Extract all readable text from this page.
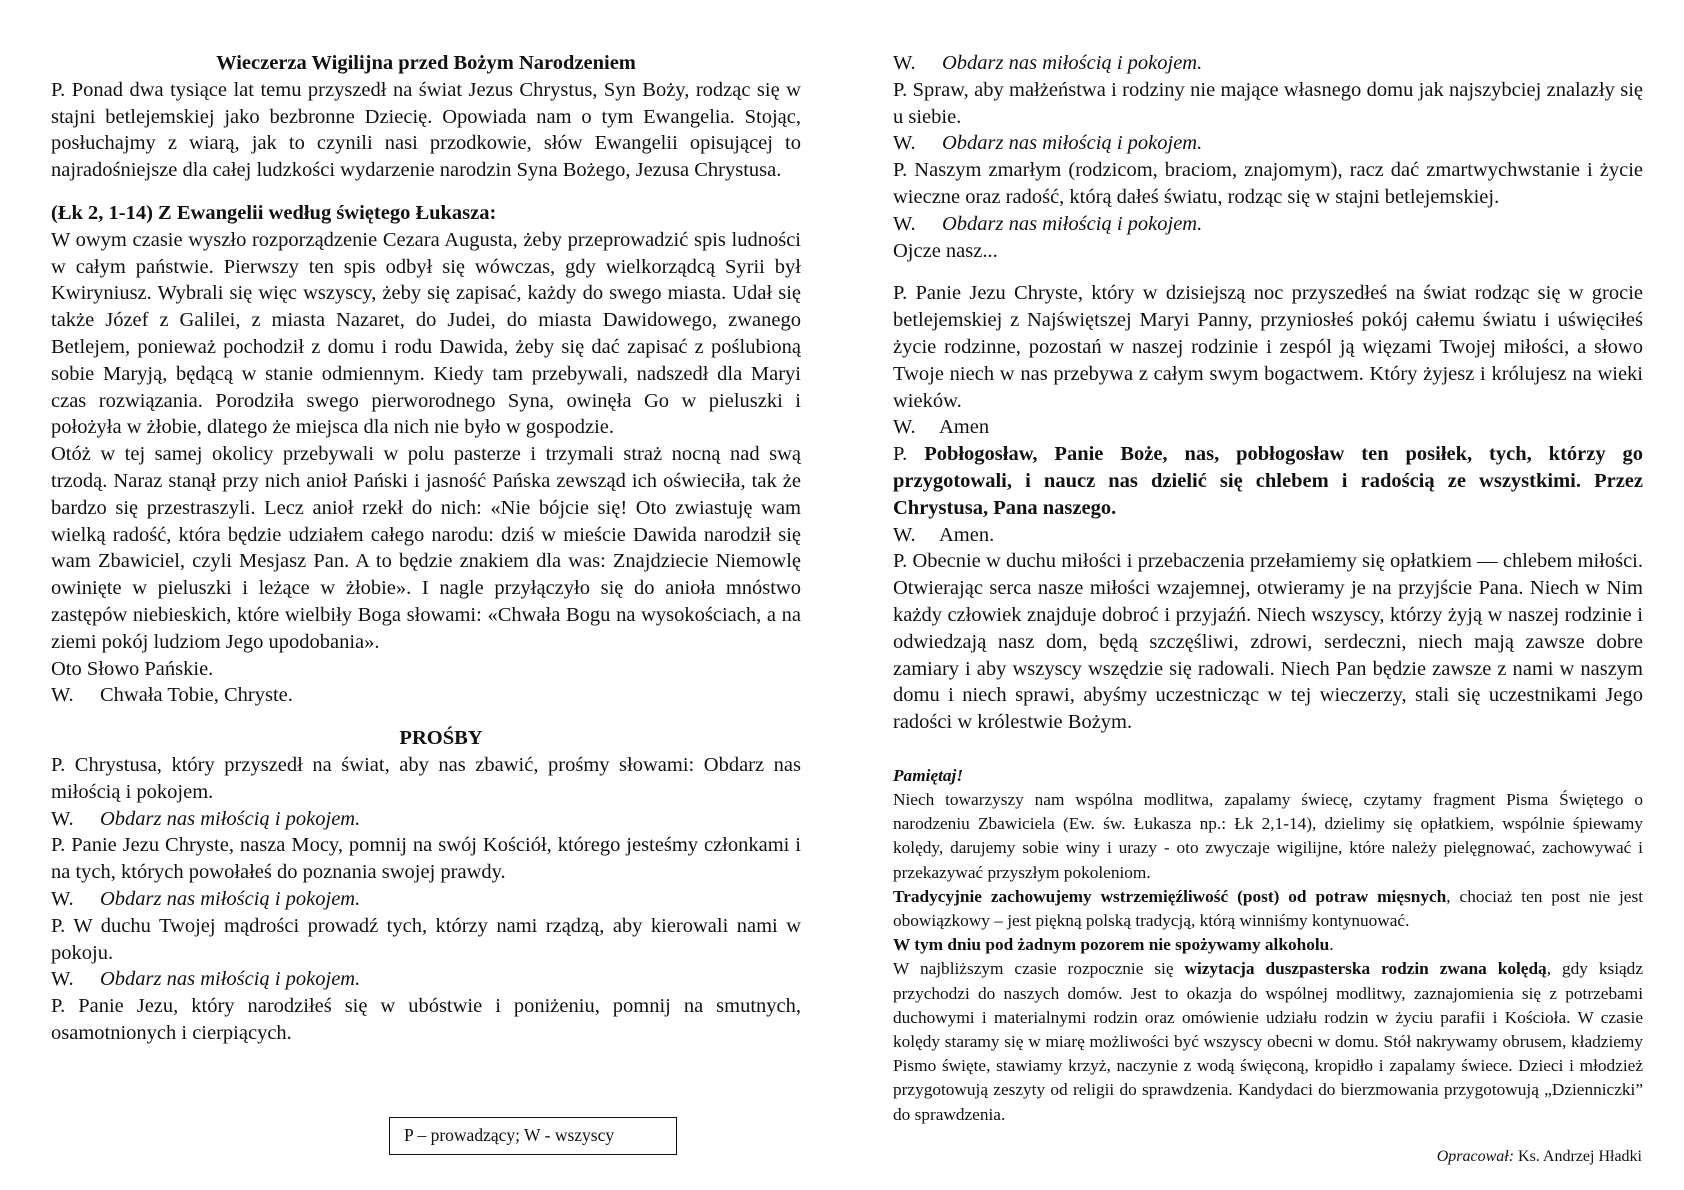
Wieczerza Wigilijna przed Bożym Narodzeniem

P. Ponad dwa tysiące lat temu przyszedł na świat Jezus Chrystus, Syn Boży, rodząc się w stajni betlejemskiej jako bezbronne Dziecię. Opowiada nam o tym Ewangelia. Stojąc, posłuchajmy z wiarą, jak to czynili nasi przodkowie, słów Ewangelii opisującej to najradośniejsze dla całej ludzkości wydarzenie narodzin Syna Bożego, Jezusa Chrystusa.

(Łk 2, 1-14) Z Ewangelii według świętego Łukasza:

W owym czasie wyszło rozporządzenie Cezara Augusta, żeby przeprowadzić spis ludności w całym państwie. Pierwszy ten spis odbył się wówczas, gdy wielkorządcą Syrii był Kwiryniusz. Wybrali się więc wszyscy, żeby się zapisać, każdy do swego miasta. Udał się także Józef z Galilei, z miasta Nazaret, do Judei, do miasta Dawidowego, zwanego Betlejem, ponieważ pochodził z domu i rodu Dawida, żeby się dać zapisać z poślubioną sobie Maryją, będącą w stanie odmiennym. Kiedy tam przebywali, nadszedł dla Maryi czas rozwiązania. Porodziła swego pierworodnego Syna, owinęła Go w pieluszki i położyła w żłobie, dlatego że miejsca dla nich nie było w gospodzie.

Otóż w tej samej okolicy przebywali w polu pasterze i trzymali straż nocną nad swą trzodą. Naraz stanął przy nich anioł Pański i jasność Pańska zewsząd ich oświeciła, tak że bardzo się przestraszyli. Lecz anioł rzekł do nich: «Nie bójcie się! Oto zwiastuję wam wielką radość, która będzie udziałem całego narodu: dziś w mieście Dawida narodził się wam Zbawiciel, czyli Mesjasz Pan. A to będzie znakiem dla was: Znajdziecie Niemowlę owinięte w pieluszki i leżące w żłobie». I nagle przyłączyło się do anioła mnóstwo zastępów niebieskich, które wielbiły Boga słowami: «Chwała Bogu na wysokościach, a na ziemi pokój ludziom Jego upodobania».

Oto Słowo Pańskie.

W. Chwała Tobie, Chryste.

PROŚBY

P. Chrystusa, który przyszedł na świat, aby nas zbawić, prośmy słowami: Obdarz nas miłością i pokojem.

W. Obdarz nas miłością i pokojem.

P. Panie Jezu Chryste, nasza Mocy, pomnij na swój Kościół, którego jesteśmy członkami i na tych, których powołałeś do poznania swojej prawdy.

W. Obdarz nas miłością i pokojem.

P. W duchu Twojej mądrości prowadź tych, którzy nami rządzą, aby kierowali nami w pokoju.

W. Obdarz nas miłością i pokojem.

P. Panie Jezu, który narodziłeś się w ubóstwie i poniżeniu, pomnij na smutnych, osamotnionych i cierpiących.

P – prowadzący; W - wszyscy

W. Obdarz nas miłością i pokojem.

P. Spraw, aby małżeństwa i rodziny nie mające własnego domu jak najszybciej znalazły się u siebie.

W. Obdarz nas miłością i pokojem.

P. Naszym zmarłym (rodzicom, braciom, znajomym), racz dać zmartwychwstanie i życie wieczne oraz radość, którą dałeś światu, rodząc się w stajni betlejemskiej.

W. Obdarz nas miłością i pokojem.

Ojcze nasz...

P. Panie Jezu Chryste, który w dzisiejszą noc przyszedłeś na świat rodząc się w grocie betlejemskiej z Najświętszej Maryi Panny, przyniosłeś pokój całemu światu i uświęciłeś życie rodzinne, pozostań w naszej rodzinie i zespól ją więzami Twojej miłości, a słowo Twoje niech w nas przebywa z całym swym bogactwem. Który żyjesz i królujesz na wieki wieków.

W. Amen

P. Pobłogosław, Panie Boże, nas, pobłogosław ten posiłek, tych, którzy go przygotowali, i naucz nas dzielić się chlebem i radością ze wszystkimi. Przez Chrystusa, Pana naszego.

W. Amen.

P. Obecnie w duchu miłości i przebaczenia przełamiemy się opłatkiem — chlebem miłości. Otwierając serca nasze miłości wzajemnej, otwieramy je na przyjście Pana. Niech w Nim każdy człowiek znajduje dobroć i przyjaźń. Niech wszyscy, którzy żyją w naszej rodzinie i odwiedzają nasz dom, będą szczęśliwi, zdrowi, serdeczni, niech mają zawsze dobre zamiary i aby wszyscy wszędzie się radowali. Niech Pan będzie zawsze z nami w naszym domu i niech sprawi, abyśmy uczestnicząc w tej wieczerzy, stali się uczestnikami Jego radości w królestwie Bożym.

Pamiętaj!

Niech towarzyszy nam wspólna modlitwa, zapalamy świecę, czytamy fragment Pisma Świętego o narodzeniu Zbawiciela (Ew. św. Łukasza np.: Łk 2,1-14), dzielimy się opłatkiem, wspólnie śpiewamy kolędy, darujemy sobie winy i urazy - oto zwyczaje wigilijne, które należy pielęgnować, zachowywać i przekazywać przyszłym pokoleniom.

Tradycyjnie zachowujemy wstrzemięźliwość (post) od potraw mięsnych, chociaż ten post nie jest obowiązkowy – jest piękną polską tradycją, którą winniśmy kontynuować.

W tym dniu pod żadnym pozorem nie spożywamy alkoholu.

W najbliższym czasie rozpocznie się wizytacja duszpasterska rodzin zwana kolędą, gdy ksiądz przychodzi do naszych domów. Jest to okazja do wspólnej modlitwy, zaznajomienia się z potrzebami duchowymi i materialnymi rodzin oraz omówienie udziału rodzin w życiu parafii i Kościoła. W czasie kolędy staramy się w miarę możliwości być wszyscy obecni w domu. Stół nakrywamy obrusem, kładziemy Pismo święte, stawiamy krzyż, naczynie z wodą święconą, kropidło i zapalamy świece. Dzieci i młodzież przygotowują zeszyty od religii do sprawdzenia. Kandydaci do bierzmowania przygotowują „Dzienniczki” do sprawdzenia.

Opracował: Ks. Andrzej Hładki
